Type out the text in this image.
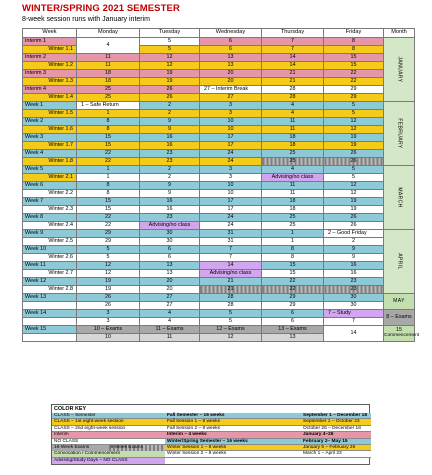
WINTER/SPRING 2021 SEMESTER
8-week session runs with January interim
Week	Monday	Tuesday	Wednesday	Thursday	Friday	Month
Interim 1	4	5	6	7	8	JANUARY
Winter 1.1		5	6	7	8	
Interim 2	11	12	13	14	15	
Winter 1.2	11	12	13	14	15	
Interim 3	18	19	20	21	22	
Winter 1.3	18	19	20	21	22	
Interim 4	25	26	27 – Interim Break	28	29	
Winter 1.4	25	26	27	28	29	
Week 1	1 – Safe Return	2	3	4	5	FEBRUARY
Winter 1.5	1	2	3	4	5	
Week 2	8	9	10	11	12	
Winter 1.6	8	9	10	11	12	
Week 3	15	16	17	18	19	
Winter 1.7	15	16	17	18	19	
Week 4	22	23	24	25	26	
Winter 1.8	22	23	24	25	26	
Week 5	1	2	3	4	5	MARCH
Winter 2.1	1	2	3	Advising/no class	5	
Week 6	8	9	10	11	12	
Winter 2.2	8	9	10	11	12	
Week 7	15	16	17	18	19	
Winter 2.3	15	16	17	18	19	
Week 8	22	23	24	25	26	
Winter 2.4	22	Advising/no class	24	25	26	
Week 9	29	30	31	1	2 – Good Friday	APRIL
Winter 2.5	29	30	31	1	2	
Week 10	5	6	7	8	9	
Winter 2.6	5	6	7	8	9	
Week 11	12	13	14	15	16	
Winter 2.7	12	13	Advising/no class	15	16	
Week 12	19	20	21	22	23	
Winter 2.8	19	20	21	22	23	
Week 13	26	27	28	29	30	MAY
	26	27	28	29	30	
Week 14	3	4	5	6	7 – Study	8 – Exams
	3	4	5	6	7	
Week 15	10 – Exams	11 – Exams	12 – Exams	13 – Exams	14	15
Commencement

	10	11	12	13		
COLOR KEY
CLASS – Semester	Fall Semester – 16 weeks	September 1 – December 18
CLASS – 1st eight-week session	Fall Session 1 – 8 weeks	September 1 – October 23
CLASS – 2nd eight-week session	Fall Session 2 – 8 weeks	October 26 – December 18
Interim	Interim – 4 weeks	January 4–26
NO CLASS	Winter/Spring Semester – 16 weeks	February 2– May 15
16-Week Exams	8-Week Exams	Winter Session 1 – 8 weeks	January 5 – February 26
Convocation / Commencement	Winter Session 2 – 8 weeks	March 1 – April 23
Advising/Study Days – NO CLASS
